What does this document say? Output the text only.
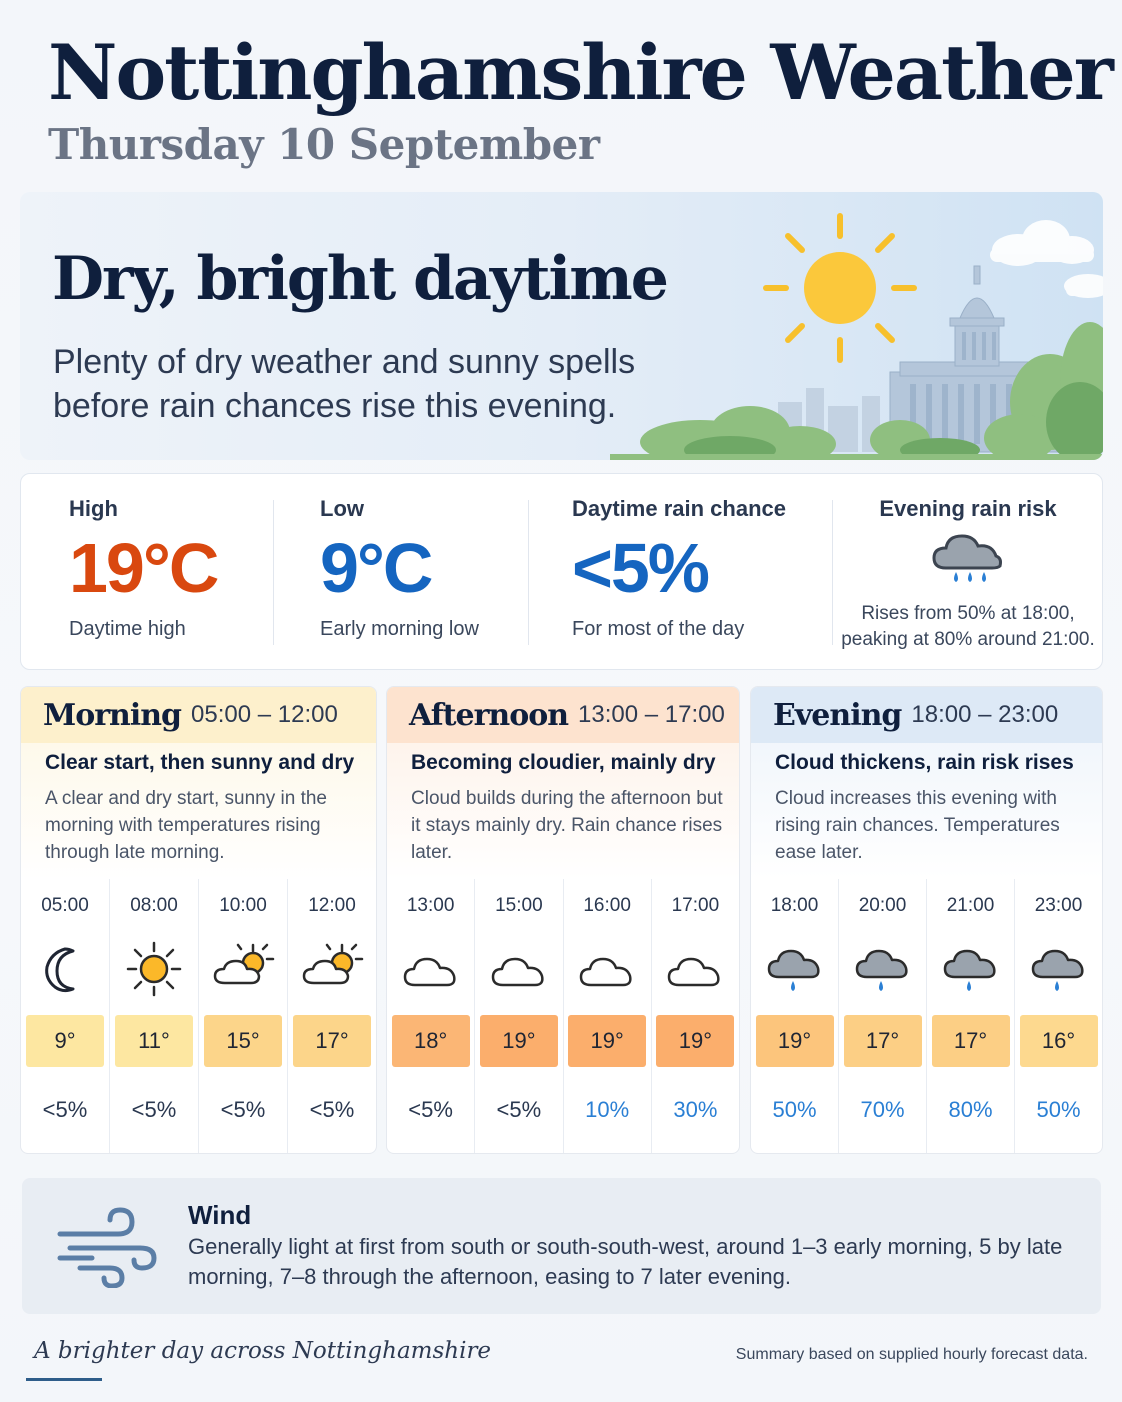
Nottinghamshire Weather
Thursday 10 September
Dry, bright daytime
Plenty of dry weather and sunny spells before rain chances rise this evening.
High
19°C
Daytime high
Low
9°C
Early morning low
Daytime rain chance
<5%
For most of the day
Evening rain risk
Rises from 50% at 18:00,
peaking at 80% around 21:00.
Morning 05:00 – 12:00
Clear start, then sunny and dry
A clear and dry start, sunny in the morning with temperatures rising through late morning.
05:00
9°
<5%
08:00
11°
<5%
10:00
15°
<5%
12:00
17°
<5%
Afternoon 13:00 – 17:00
Becoming cloudier, mainly dry
Cloud builds during the afternoon but it stays mainly dry. Rain chance rises later.
13:00
18°
<5%
15:00
19°
<5%
16:00
19°
10%
17:00
19°
30%
Evening 18:00 – 23:00
Cloud thickens, rain risk rises
Cloud increases this evening with rising rain chances. Temperatures ease later.
18:00
19°
50%
20:00
17°
70%
21:00
17°
80%
23:00
16°
50%
Wind
Generally light at first from south or south-south-west, around 1–3 early morning, 5 by late morning, 7–8 through the afternoon, easing to 7 later evening.
A brighter day across Nottinghamshire	Summary based on supplied hourly forecast data.
